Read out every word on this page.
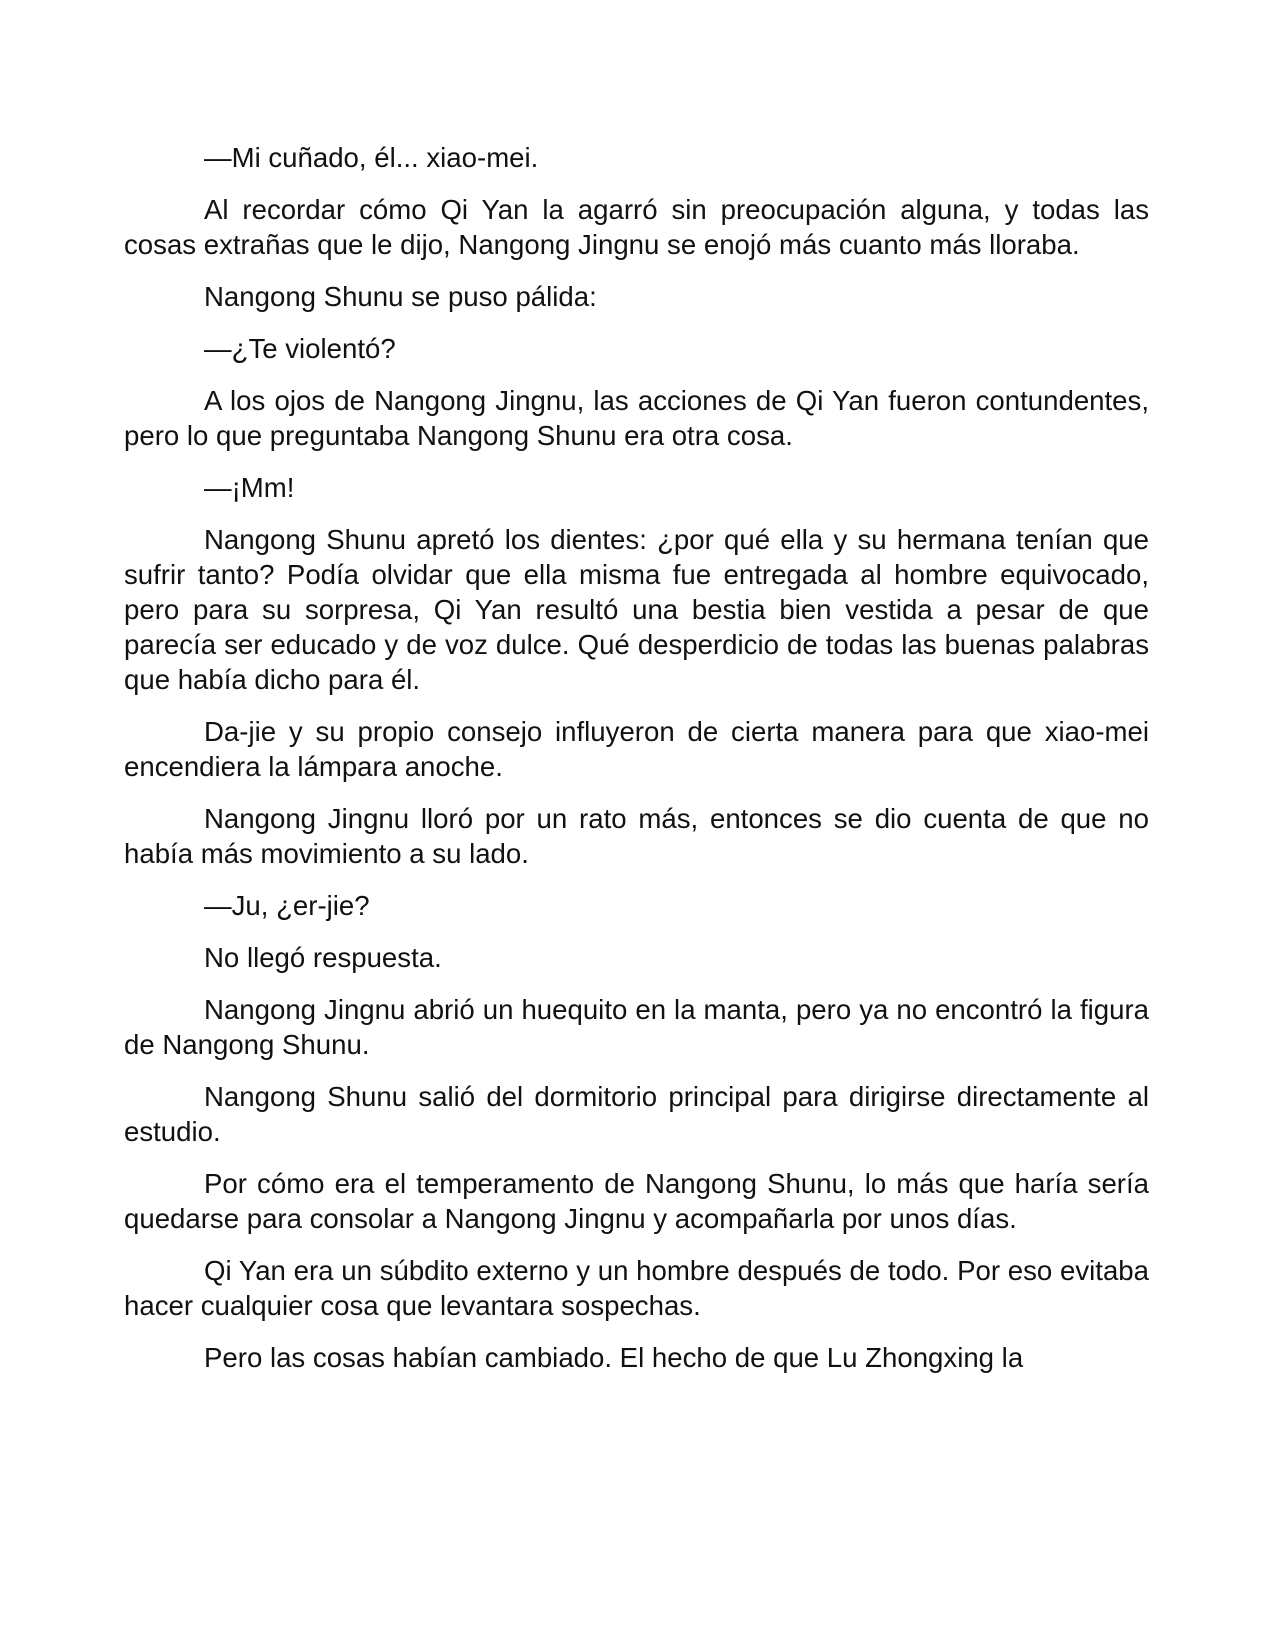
—Mi cuñado, él... xiao-mei.

Al recordar cómo Qi Yan la agarró sin preocupación alguna, y todas las cosas extrañas que le dijo, Nangong Jingnu se enojó más cuanto más lloraba.

Nangong Shunu se puso pálida:

—¿Te violentó?

A los ojos de Nangong Jingnu, las acciones de Qi Yan fueron contundentes, pero lo que preguntaba Nangong Shunu era otra cosa.

—¡Mm!

Nangong Shunu apretó los dientes: ¿por qué ella y su hermana tenían que sufrir tanto? Podía olvidar que ella misma fue entregada al hombre equivocado, pero para su sorpresa, Qi Yan resultó una bestia bien vestida a pesar de que parecía ser educado y de voz dulce. Qué desperdicio de todas las buenas palabras que había dicho para él.

Da-jie y su propio consejo influyeron de cierta manera para que xiao-mei encendiera la lámpara anoche.

Nangong Jingnu lloró por un rato más, entonces se dio cuenta de que no había más movimiento a su lado.

—Ju, ¿er-jie?

No llegó respuesta.

Nangong Jingnu abrió un huequito en la manta, pero ya no encontró la figura de Nangong Shunu.

Nangong Shunu salió del dormitorio principal para dirigirse directamente al estudio.

Por cómo era el temperamento de Nangong Shunu, lo más que haría sería quedarse para consolar a Nangong Jingnu y acompañarla por unos días.

Qi Yan era un súbdito externo y un hombre después de todo. Por eso evitaba hacer cualquier cosa que levantara sospechas.

Pero las cosas habían cambiado. El hecho de que Lu Zhongxing la
